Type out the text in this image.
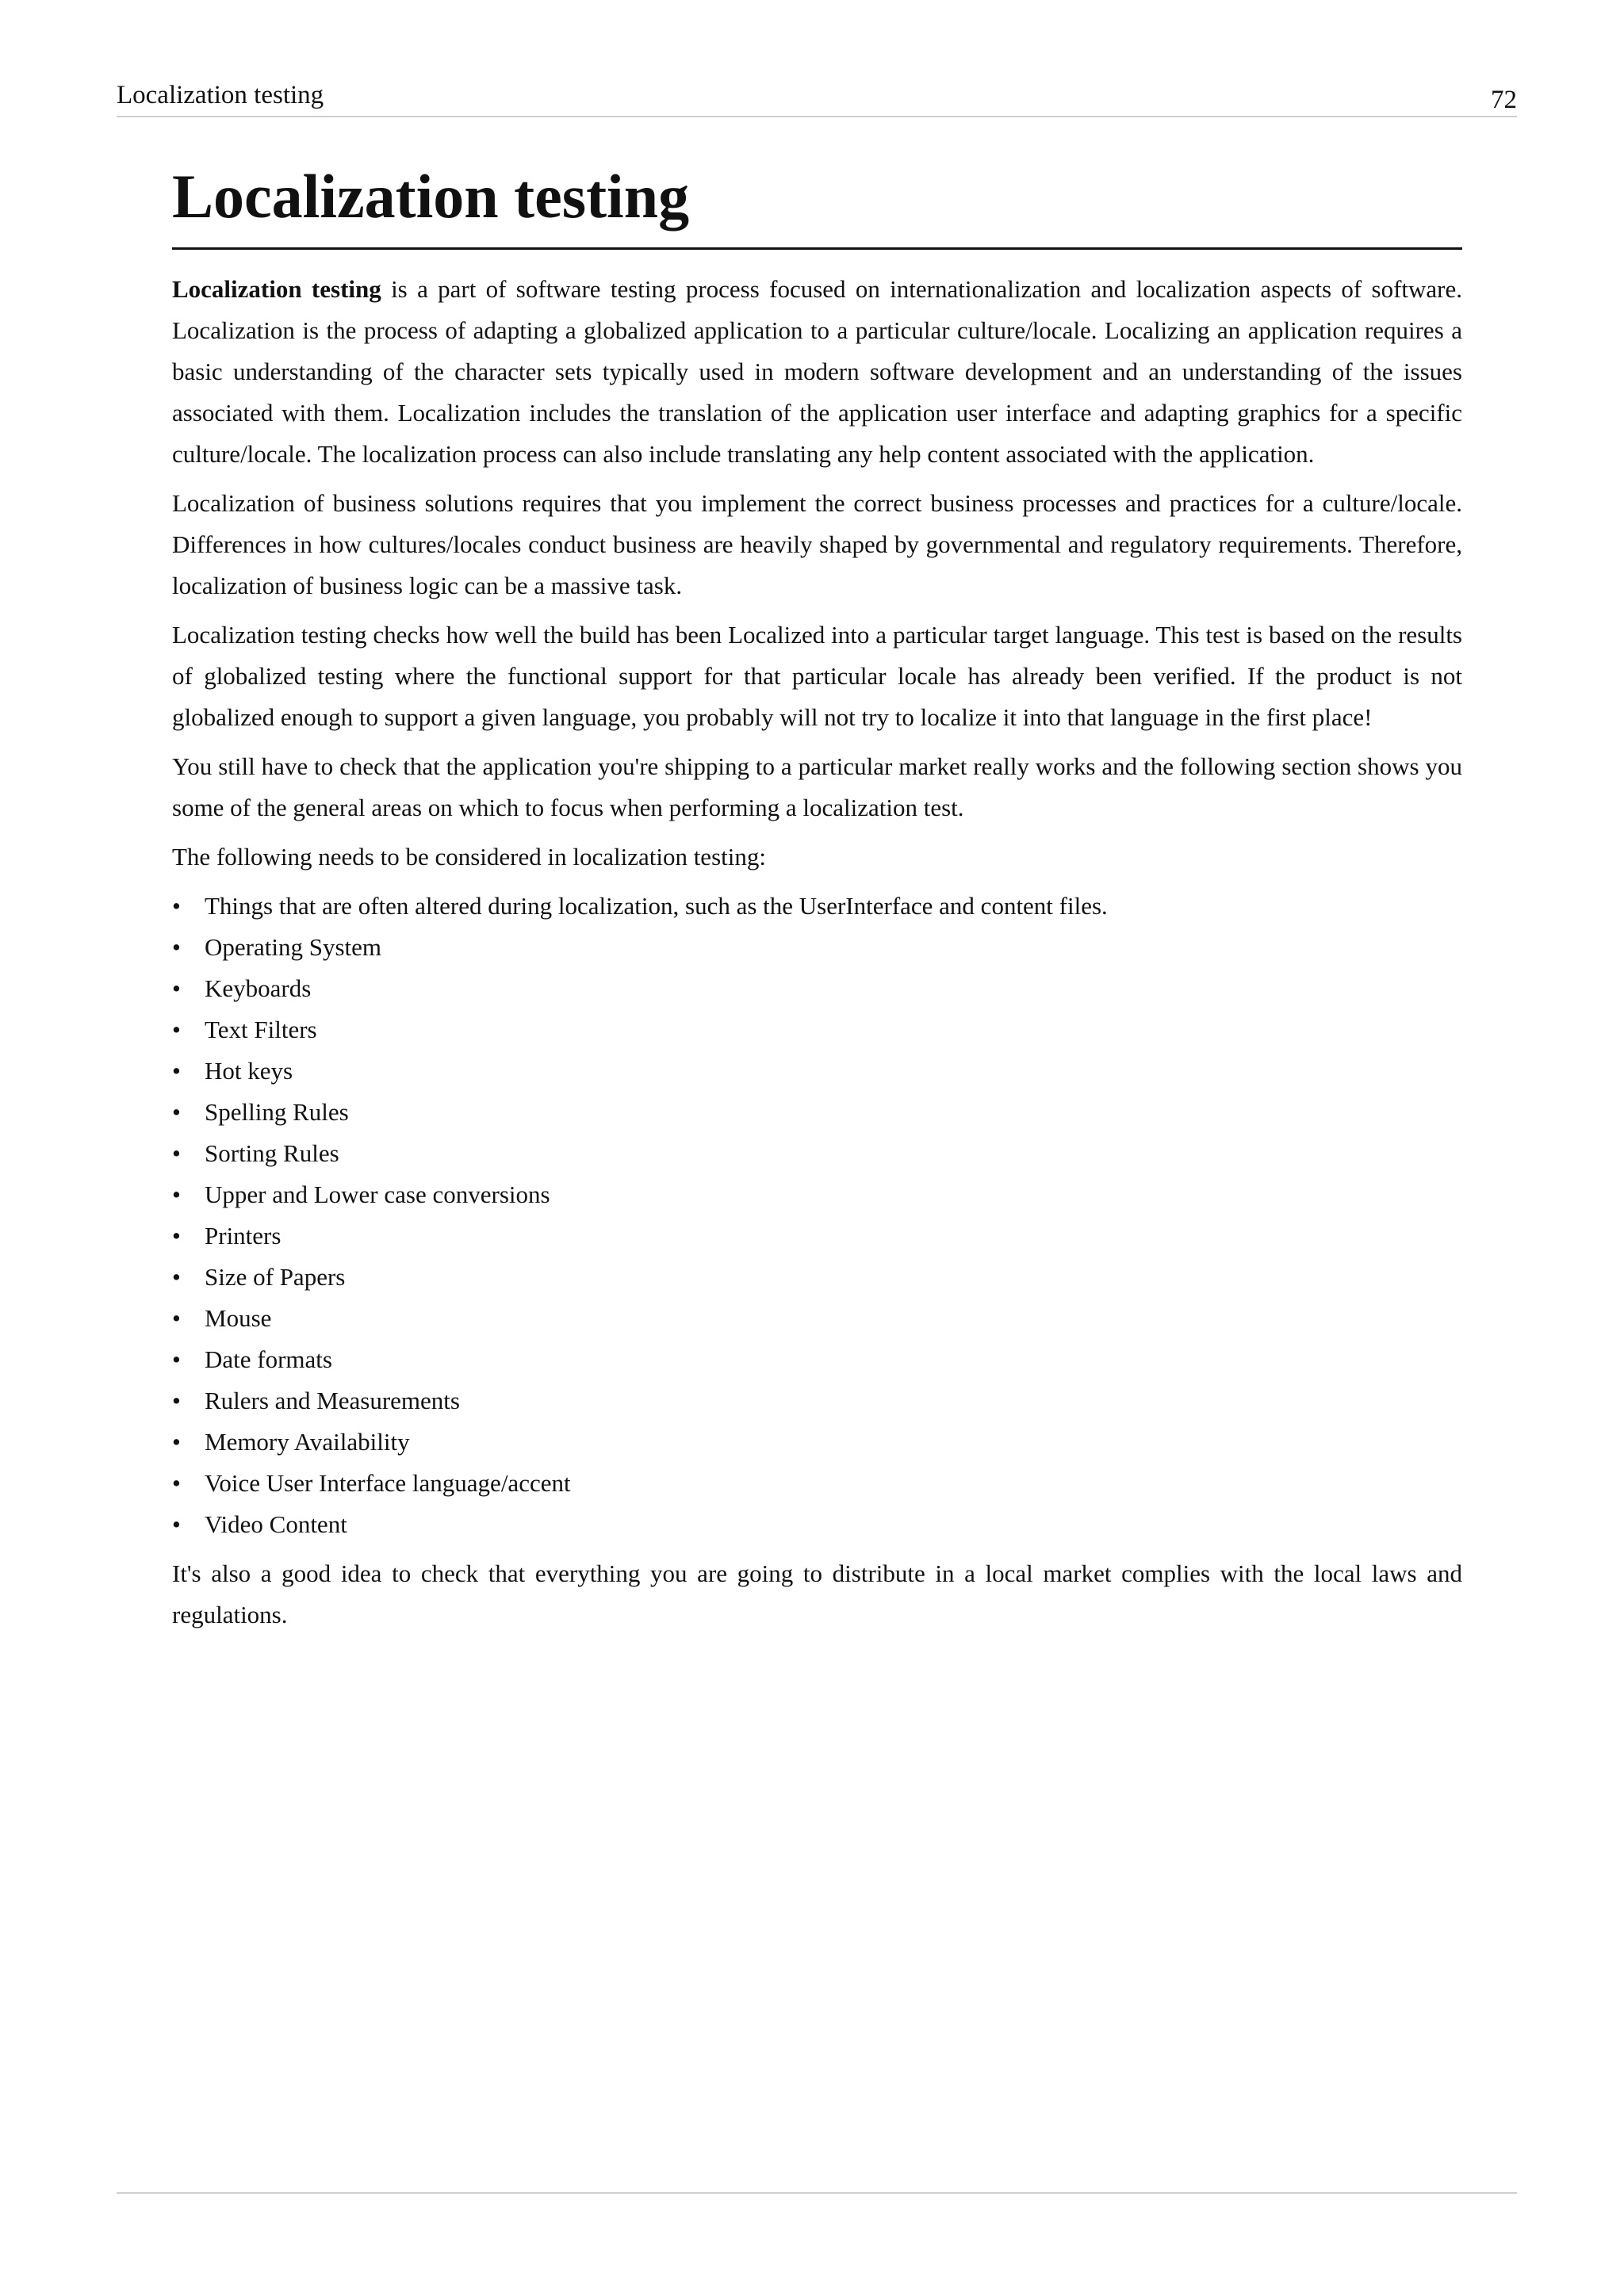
Localization testing	72
Localization testing

Localization testing is a part of software testing process focused on internationalization and localization aspects of software. Localization is the process of adapting a globalized application to a particular culture/locale. Localizing an application requires a basic understanding of the character sets typically used in modern software development and an understanding of the issues associated with them. Localization includes the translation of the application user interface and adapting graphics for a specific culture/locale. The localization process can also include translating any help content associated with the application.

Localization of business solutions requires that you implement the correct business processes and practices for a culture/locale. Differences in how cultures/locales conduct business are heavily shaped by governmental and regulatory requirements. Therefore, localization of business logic can be a massive task.

Localization testing checks how well the build has been Localized into a particular target language. This test is based on the results of globalized testing where the functional support for that particular locale has already been verified. If the product is not globalized enough to support a given language, you probably will not try to localize it into that language in the first place!

You still have to check that the application you're shipping to a particular market really works and the following section shows you some of the general areas on which to focus when performing a localization test.

The following needs to be considered in localization testing:

• Things that are often altered during localization, such as the UserInterface and content files.
• Operating System
• Keyboards
• Text Filters
• Hot keys
• Spelling Rules
• Sorting Rules
• Upper and Lower case conversions
• Printers
• Size of Papers
• Mouse
• Date formats
• Rulers and Measurements
• Memory Availability
• Voice User Interface language/accent
• Video Content

It's also a good idea to check that everything you are going to distribute in a local market complies with the local laws and regulations.
